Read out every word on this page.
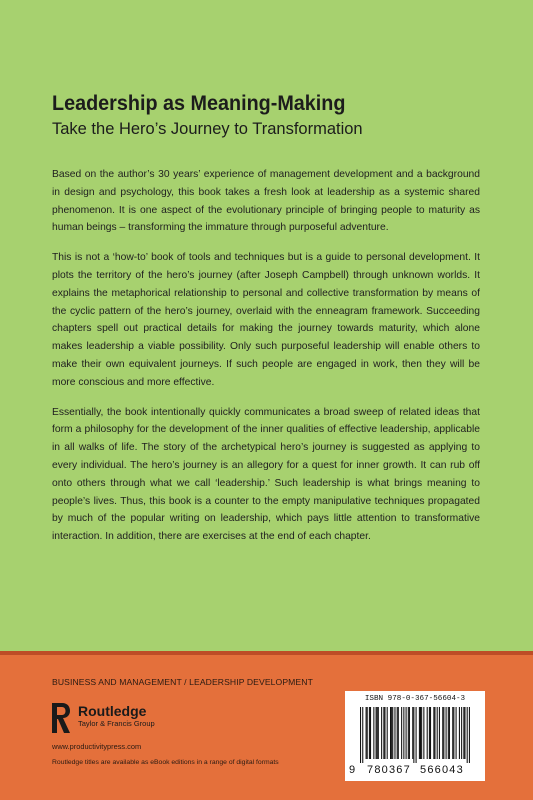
Leadership as Meaning-Making
Take the Hero’s Journey to Transformation

Based on the author’s 30 years’ experience of management development and a background in design and psychology, this book takes a fresh look at leadership as a systemic shared phenomenon. It is one aspect of the evolutionary principle of bringing people to maturity as human beings – transforming the immature through purposeful adventure.

This is not a ‘how-to’ book of tools and techniques but is a guide to personal development. It plots the territory of the hero’s journey (after Joseph Campbell) through unknown worlds. It explains the metaphorical relationship to personal and collective transformation by means of the cyclic pattern of the hero’s journey, overlaid with the enneagram framework. Succeeding chapters spell out practical details for making the journey towards maturity, which alone makes leadership a viable possibility. Only such purposeful leadership will enable others to make their own equivalent journeys. If such people are engaged in work, then they will be more conscious and more effective.

Essentially, the book intentionally quickly communicates a broad sweep of related ideas that form a philosophy for the development of the inner qualities of effective leadership, applicable in all walks of life. The story of the archetypical hero’s journey is suggested as applying to every individual. The hero’s journey is an allegory for a quest for inner growth. It can rub off onto others through what we call ‘leadership.’ Such leadership is what brings meaning to people’s lives. Thus, this book is a counter to the empty manipulative techniques propagated by much of the popular writing on leadership, which pays little attention to transformative interaction. In addition, there are exercises at the end of each chapter.

BUSINESS AND MANAGEMENT / LEADERSHIP DEVELOPMENT
Routledge
Taylor & Francis Group
www.productivitypress.com
Routledge titles are available as eBook editions in a range of digital formats
ISBN 978-0-367-56604-3
9 780367 566043
